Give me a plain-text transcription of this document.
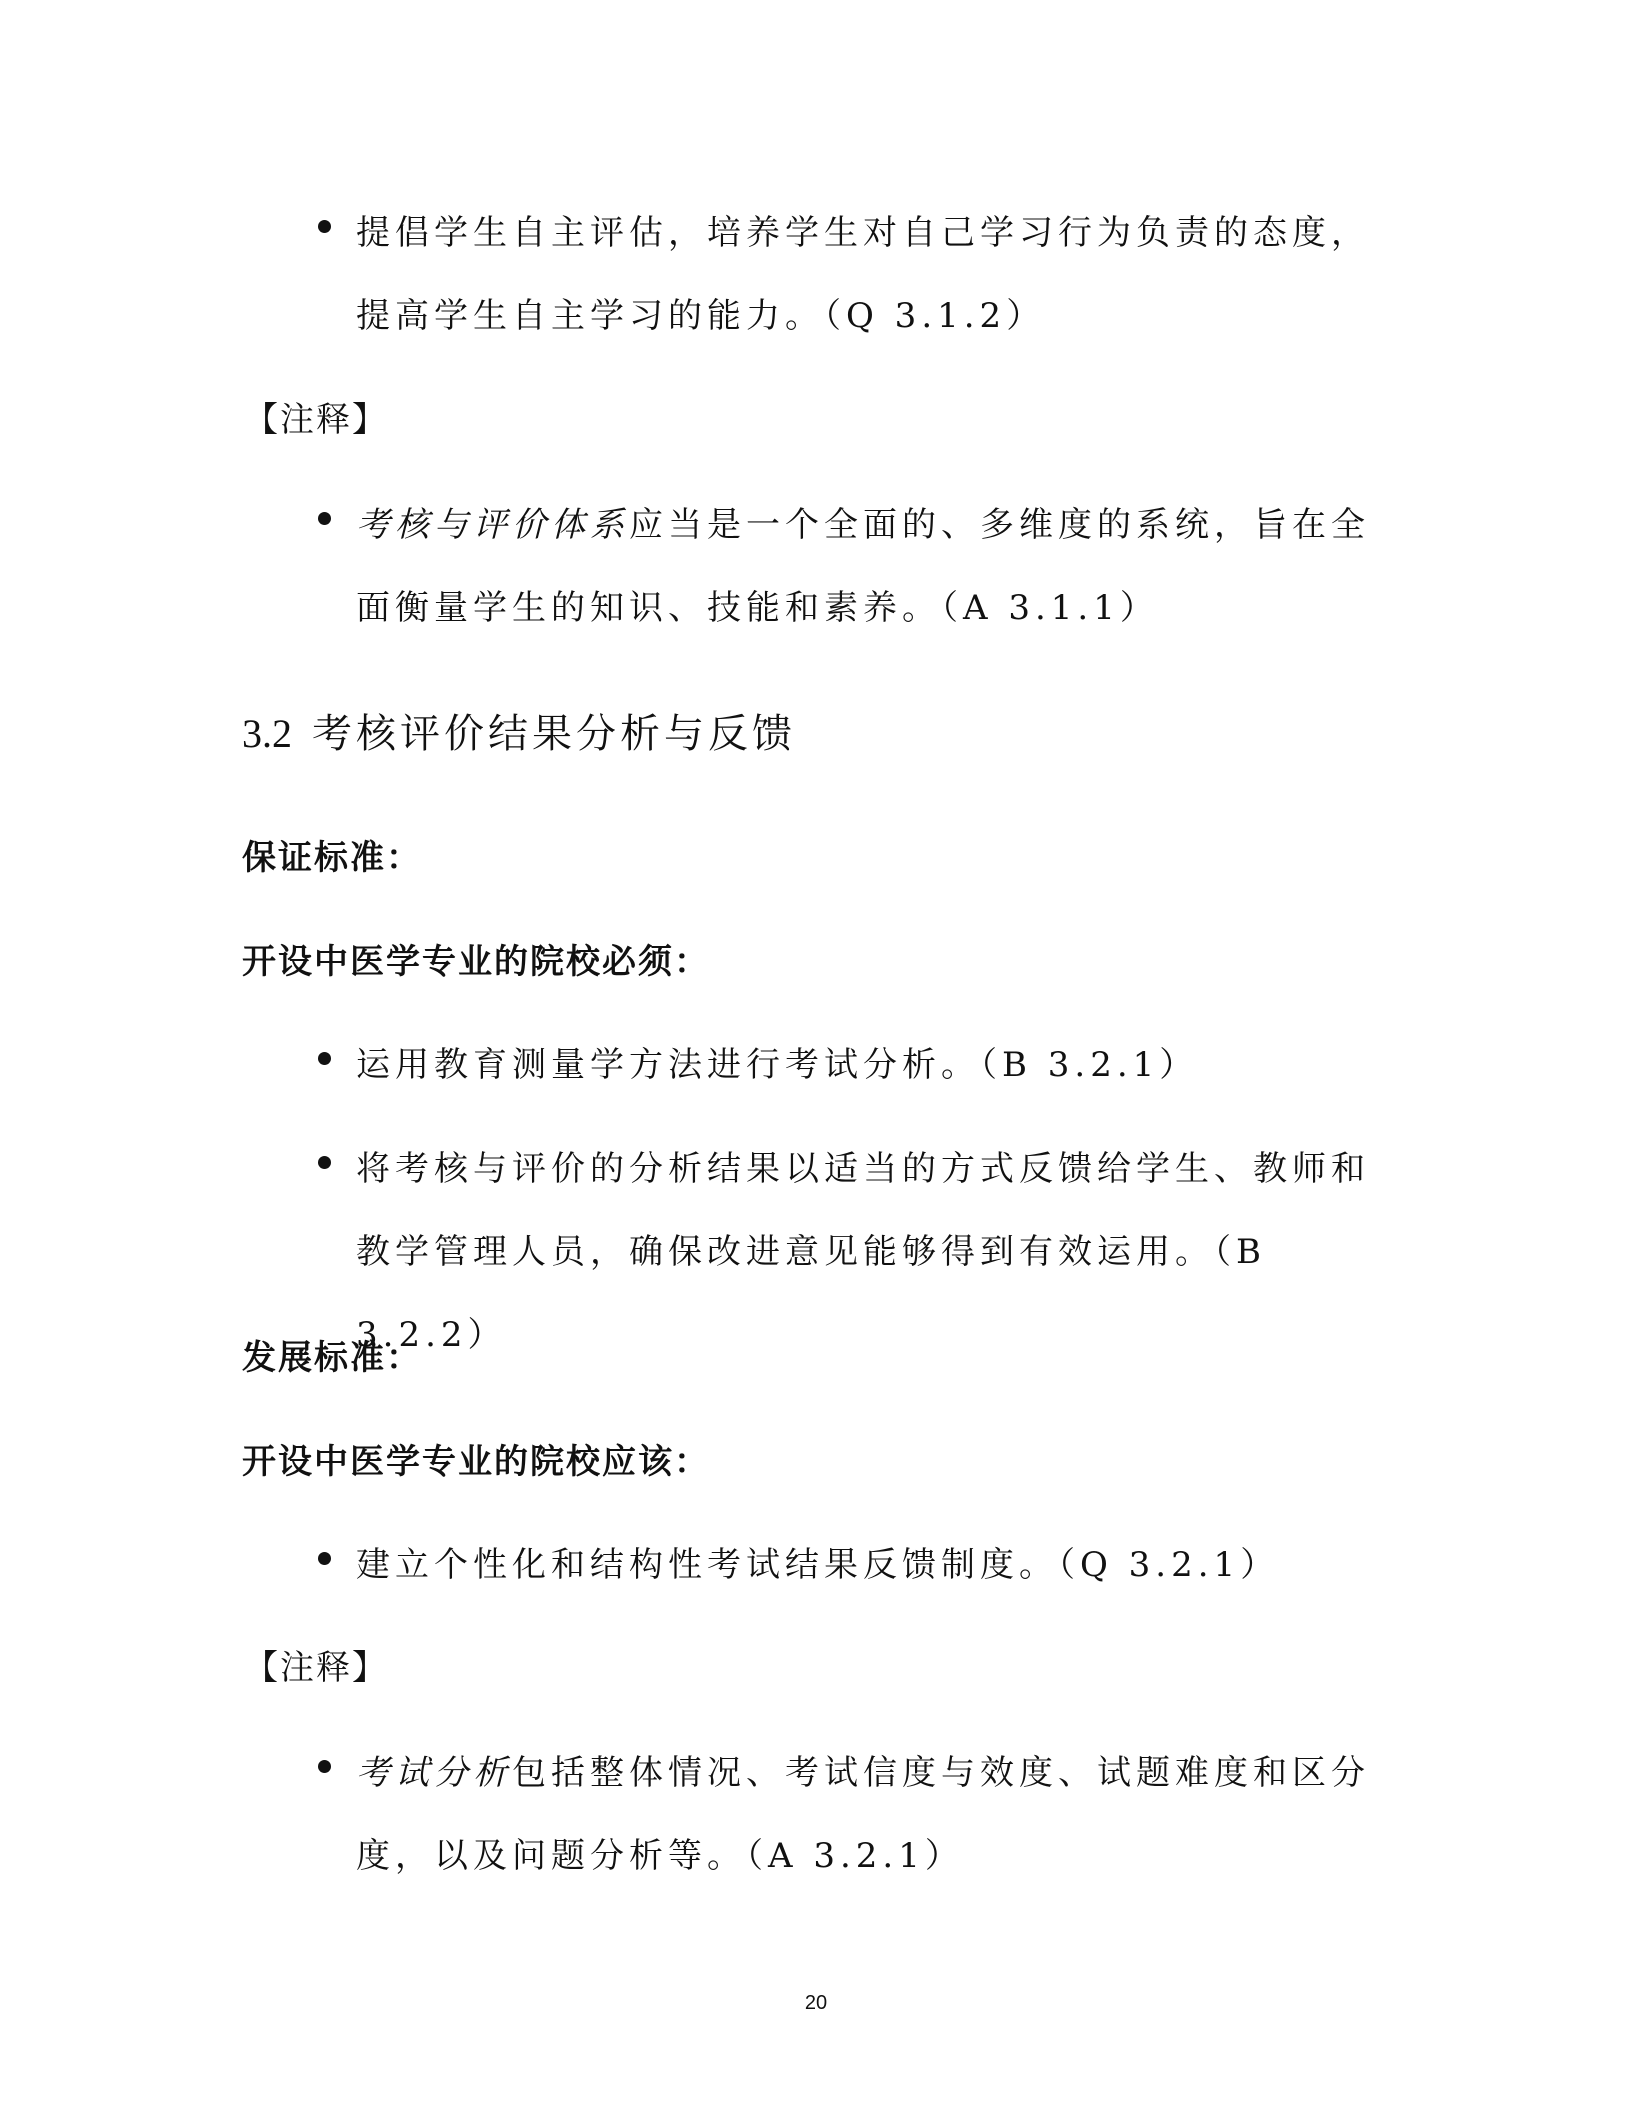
提倡学生自主评估，培养学生对自己学习行为负责的态度，提高学生自主学习的能力。（Q 3.1.2）
【注释】
考核与评价体系应当是一个全面的、多维度的系统，旨在全面衡量学生的知识、技能和素养。（A 3.1.1）
3.2 考核评价结果分析与反馈
保证标准：
开设中医学专业的院校必须：
运用教育测量学方法进行考试分析。（B 3.2.1）
将考核与评价的分析结果以适当的方式反馈给学生、教师和教学管理人员，确保改进意见能够得到有效运用。（B 3.2.2）
发展标准：
开设中医学专业的院校应该：
建立个性化和结构性考试结果反馈制度。（Q 3.2.1）
【注释】
考试分析包括整体情况、考试信度与效度、试题难度和区分度，以及问题分析等。（A 3.2.1）
20
